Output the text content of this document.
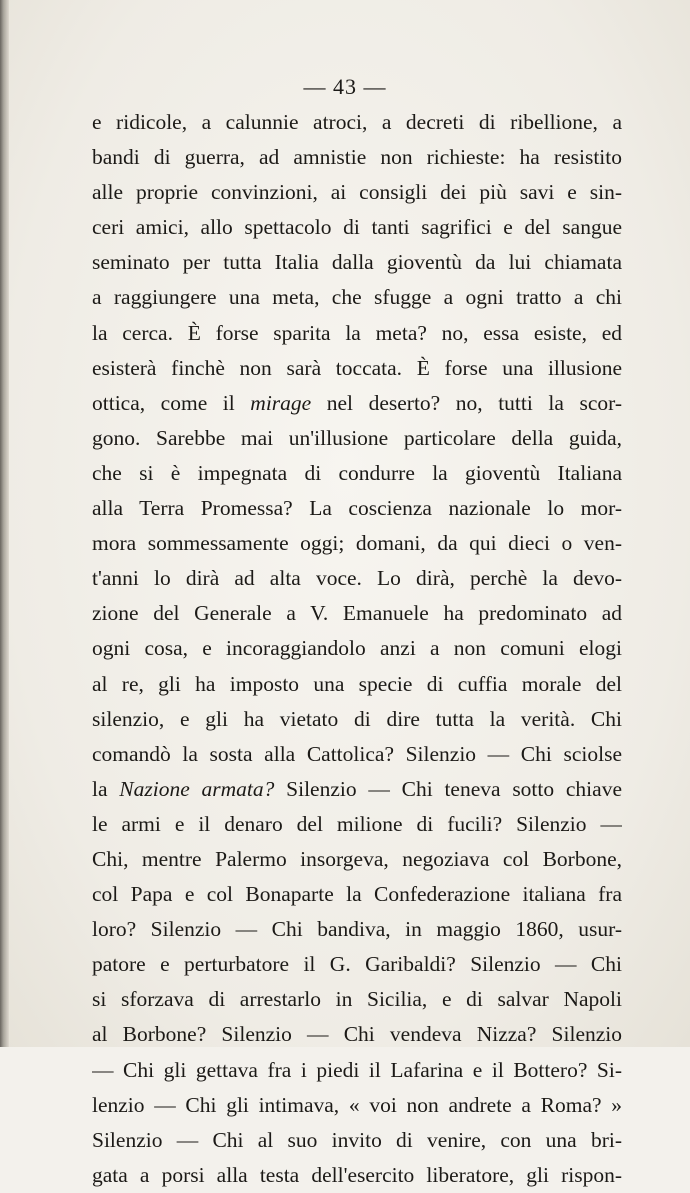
— 43 —
e ridicole, a calunnie atroci, a decreti di ribellione, a
bandi di guerra, ad amnistie non richieste: ha resistito
alle proprie convinzioni, ai consigli dei più savi e sin-
ceri amici, allo spettacolo di tanti sagrifici e del sangue
seminato per tutta Italia dalla gioventù da lui chiamata
a raggiungere una meta, che sfugge a ogni tratto a chi
la cerca. È forse sparita la meta? no, essa esiste, ed
esisterà finchè non sarà toccata. È forse una illusione
ottica, come il mirage nel deserto? no, tutti la scor-
gono. Sarebbe mai un'illusione particolare della guida,
che si è impegnata di condurre la gioventù Italiana
alla Terra Promessa? La coscienza nazionale lo mor-
mora sommessamente oggi; domani, da qui dieci o ven-
t'anni lo dirà ad alta voce. Lo dirà, perchè la devo-
zione del Generale a V. Emanuele ha predominato ad
ogni cosa, e incoraggiandolo anzi a non comuni elogi
al re, gli ha imposto una specie di cuffia morale del
silenzio, e gli ha vietato di dire tutta la verità. Chi
comandò la sosta alla Cattolica? Silenzio — Chi sciolse
la Nazione armata? Silenzio — Chi teneva sotto chiave
le armi e il denaro del milione di fucili? Silenzio —
Chi, mentre Palermo insorgeva, negoziava col Borbone,
col Papa e col Bonaparte la Confederazione italiana fra
loro? Silenzio — Chi bandiva, in maggio 1860, usur-
patore e perturbatore il G. Garibaldi? Silenzio — Chi
si sforzava di arrestarlo in Sicilia, e di salvar Napoli
al Borbone? Silenzio — Chi vendeva Nizza? Silenzio
— Chi gli gettava fra i piedi il Lafarina e il Bottero? Si-
lenzio — Chi gli intimava, « voi non andrete a Roma? »
Silenzio — Chi al suo invito di venire, con una bri-
gata a porsi alla testa dell'esercito liberatore, gli rispon-
